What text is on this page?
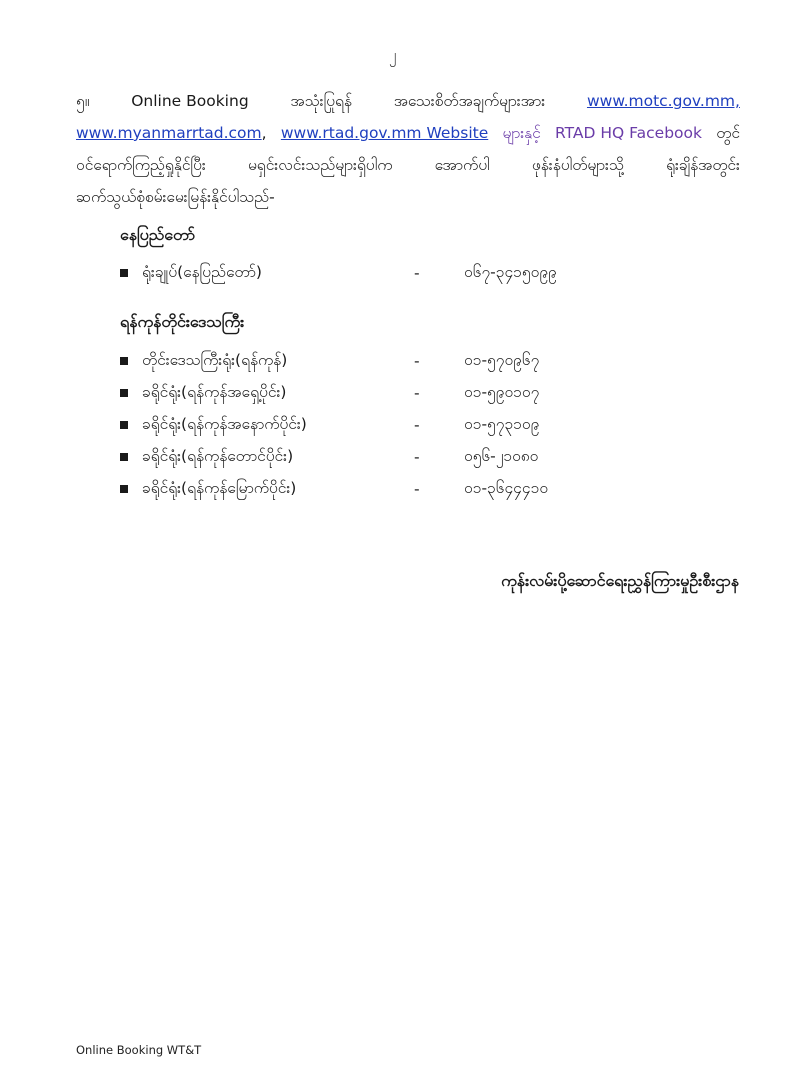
၂
၅။	Online Booking	အသုံးပြုရန်	အသေးစိတ်အချက်များအား	www.motc.gov.mm,
www.myanmarrtad.com, www.rtad.gov.mm Website များနှင့် RTAD HQ Facebook တွင်
ဝင်ရောက်ကြည့်ရှုနိုင်ပြီး	မရှင်းလင်းသည်များရှိပါက	အောက်ပါ	ဖုန်းနံပါတ်များသို့	ရုံးချိန်အတွင်း
ဆက်သွယ်စုံစမ်းမေးမြန်းနိုင်ပါသည်-
နေပြည်တော်
ရုံးချုပ်(နေပြည်တော်)	-	၀၆၇-၃၄၁၅၀၉၉
ရန်ကုန်တိုင်းဒေသကြီး
တိုင်းဒေသကြီးရုံး(ရန်ကုန်)	-	၀၁-၅၇၀၉၆၇
ခရိုင်ရုံး(ရန်ကုန်အရှေ့ပိုင်း)	-	၀၁-၅၉၀၁၀၇
ခရိုင်ရုံး(ရန်ကုန်အနောက်ပိုင်း)	-	၀၁-၅၇၃၁၀၉
ခရိုင်ရုံး(ရန်ကုန်တောင်ပိုင်း)	-	၀၅၆-၂၁၀၈၀
ခရိုင်ရုံး(ရန်ကုန်မြောက်ပိုင်း)	-	၀၁-၃၆၄၄၄၁၀
ကုန်းလမ်းပို့ဆောင်ရေးညွှန်ကြားမှုဦးစီးဌာန
Online Booking WT&T
